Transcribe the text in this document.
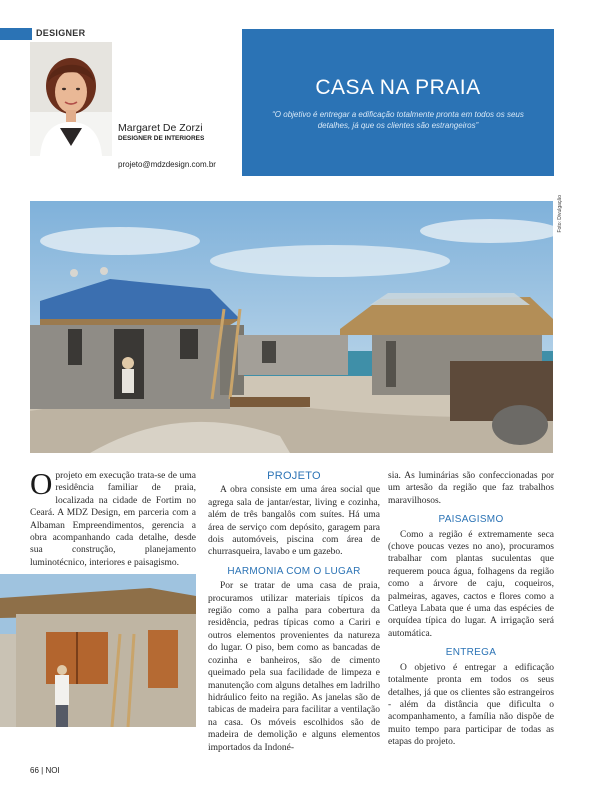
DESIGNER
Margaret De Zorzi
DESIGNER DE INTERIORES
projeto@mdzdesign.com.br
CASA NA PRAIA
“O objetivo é entregar a edificação totalmente pronta em todos os seus detalhes, já que os clientes são estrangeiros”
Foto: Divulgação
O projeto em execução trata-se de uma residência familiar de praia, localizada na cidade de Fortim no Ceará. A MDZ Design, em parceria com a Albaman Empreendimentos, gerencia a obra acompanhando cada detalhe, desde sua construção, planejamento luminotécnico, interiores e paisagismo.
PROJETO

A obra consiste em uma área social que agrega sala de jantar/estar, living e cozinha, além de três bangalôs com suítes. Há uma área de serviço com depósito, garagem para dois automóveis, piscina com área de churrasqueira, lavabo e um gazebo.

HARMONIA COM O LUGAR

Por se tratar de uma casa de praia, procuramos utilizar materiais típicos da região como a palha para cobertura da residência, pedras típicas como a Cariri e outros elementos provenientes da natureza do lugar. O piso, bem como as bancadas de cozinha e banheiros, são de cimento queimado pela sua facilidade de limpeza e manutenção com alguns detalhes em ladrilho hidráulico feito na região. As janelas são de tabicas de madeira para facilitar a ventilação na casa. Os móveis escolhidos são de madeira de demolição e alguns elementos importados da Indoné-

sia. As luminárias são confeccionadas por um artesão da região que faz trabalhos maravilhosos.

PAISAGISMO

Como a região é extremamente seca (chove poucas vezes no ano), procuramos trabalhar com plantas suculentas que requerem pouca água, folhagens da região como a árvore de caju, coqueiros, palmeiras, agaves, cactos e flores como a Catleya Labata que é uma das espécies de orquídea típica do lugar. A irrigação será automática.

ENTREGA

O objetivo é entregar a edificação totalmente pronta em todos os seus detalhes, já que os clientes são estrangeiros - além da distância que dificulta o acompanhamento, a família não dispõe de muito tempo para participar de todas as etapas do projeto.

66 | NOI
